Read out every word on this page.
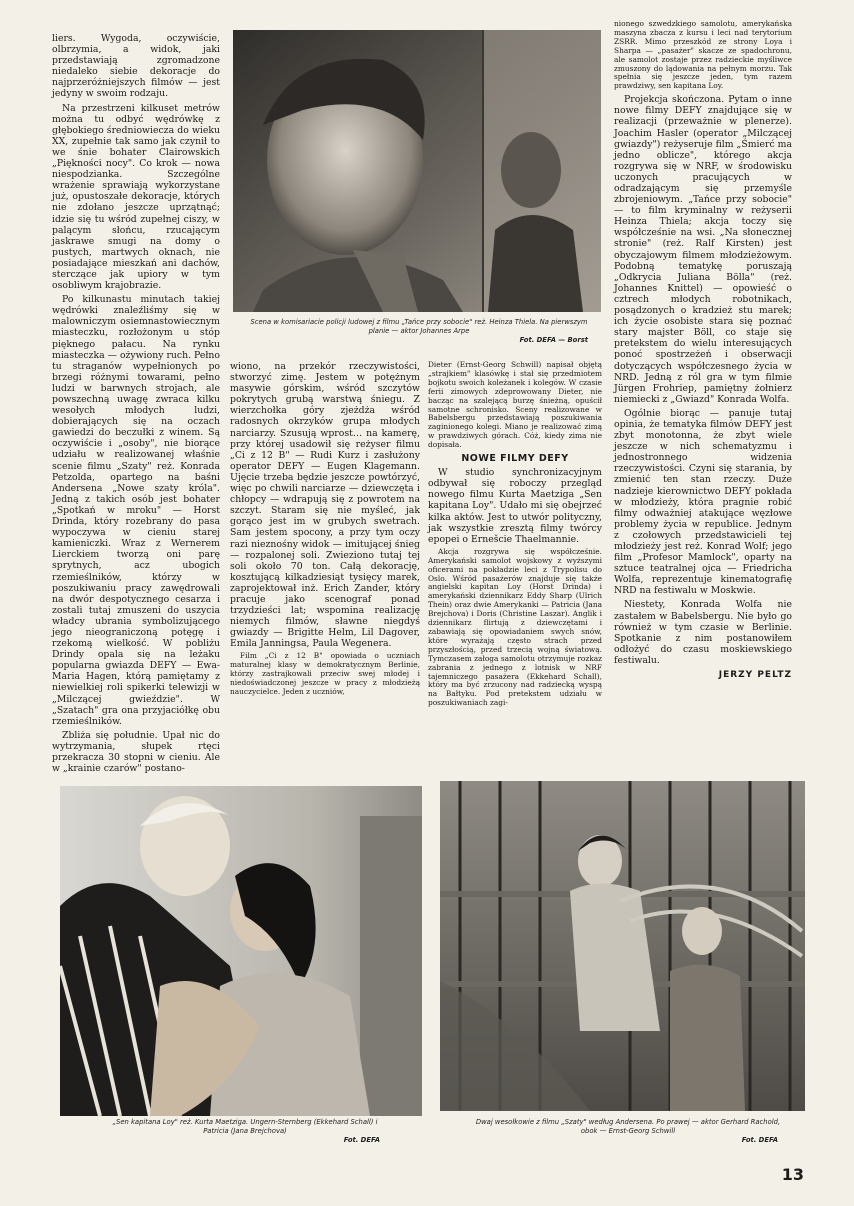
liers. Wygoda, oczywiście, olbrzymia, a widok, jaki przedstawiają zgromadzone niedaleko siebie dekoracje do najprzeróżniejszych filmów — jest jedyny w swoim rodzaju.

Na przestrzeni kilkuset metrów można tu odbyć wędrówkę z głębokiego średniowiecza do wieku XX, zupełnie tak samo jak czynił to we śnie bohater Clairowskich „Piękności nocy". Co krok — nowa niespodzianka. Szczególne wrażenie sprawiają wykorzystane już, opustoszałe dekoracje, których nie zdołano jeszcze uprzątnąć; idzie się tu wśród zupełnej ciszy, w palącym słońcu, rzucającym jaskrawe smugi na domy o pustych, martwych oknach, nie posiadające mieszkań ani dachów, sterczące jak upiory w tym osobliwym krajobrazie.

Po kilkunastu minutach takiej wędrówki znaleźliśmy się w malowniczym osiemnastowiecznym miasteczku, rozłożonym u stóp pięknego pałacu. Na rynku miasteczka — ożywiony ruch. Pełno tu straganów wypełnionych po brzegi różnymi towarami, pełno ludzi w barwnych strojach, ale powszechną uwagę zwraca kilku wesołych młodych ludzi, dobierających się na oczach gawiedzi do beczułki z winem. Są oczywiście i „osoby", nie biorące udziału w realizowanej właśnie scenie filmu „Szaty" reż. Konrada Petzolda, opartego na baśni Andersena „Nowe szaty króla". Jedną z takich osób jest bohater „Spotkań w mroku" — Horst Drinda, który rozebrany do pasa wypoczywa w cieniu starej kamieniczki. Wraz z Wernerem Lierckiem tworzą oni parę sprytnych, acz ubogich rzemieślników, którzy w poszukiwaniu pracy zawędrowali na dwór despotycznego cesarza i zostali tutaj zmuszeni do uszycia władcy ubrania symbolizującego jego nieograniczoną potęgę i rzekomą wielkość. W pobliżu Drindy opala się na leżaku popularna gwiazda DEFY — Ewa-Maria Hagen, którą pamiętamy z niewielkiej roli spikerki telewizji w „Milczącej gwieździe". W „Szatach" gra ona przyjaciółkę obu rzemieślników.

Zbliża się południe. Upał nic do wytrzymania, słupek rtęci przekracza 30 stopni w cieniu. Ale w „krainie czarów" postano-

Scena w komisariacie policji ludowej z filmu „Tańce przy sobocie" reż. Heinza Thiela. Na pierwszym planie — aktor Johannes Arpe
Fot. DEFA — Borst

wiono, na przekór rzeczywistości, stworzyć zimę. Jestem w potężnym masywie górskim, wśród szczytów pokrytych grubą warstwą śniegu. Z wierzchołka góry zjeżdża wśród radosnych okrzyków grupa młodych narciarzy. Szusują wprost… na kamerę, przy której usadowił się reżyser filmu „Ci z 12 B" — Rudi Kurz i zasłużony operator DEFY — Eugen Klagemann. Ujęcie trzeba będzie jeszcze powtórzyć, więc po chwili narciarze — dziewczęta i chłopcy — wdrapują się z powrotem na szczyt. Staram się nie myśleć, jak gorąco jest im w grubych swetrach. Sam jestem spocony, a przy tym oczy razi nieznośny widok — imitującej śnieg — rozpalonej soli. Zwieziono tutaj tej soli około 70 ton. Całą dekorację, kosztującą kilkadziesiąt tysięcy marek, zaprojektował inż. Erich Zander, który pracuje jako scenograf ponad trzydzieści lat; wspomina realizację niemych filmów, sławne niegdyś gwiazdy — Brigitte Helm, Lil Dagover, Emila Janningsa, Paula Wegenera.

Film „Ci z 12 B" opowiada o uczniach maturalnej klasy w demokratycznym Berlinie, którzy zastrajkowali przeciw swej młodej i niedoświadczonej jeszcze w pracy z młodzieżą nauczycielce. Jeden z uczniów,

Dieter (Ernst-Georg Schwill) napisał objętą „strajkiem" klasówkę i stał się przedmiotem bojkotu swoich koleżanek i kolegów. W czasie ferii zimowych zdeprowowany Dieter, nie bacząc na szalejącą burzę śnieżną, opuścił samotne schronisko. Sceny realizowane w Babelsbergu przedstawiają poszukiwania zaginionego kolegi. Miano je realizować zimą w prawdziwych górach. Cóż, kiedy zima nie dopisała.

NOWE FILMY DEFY

W studio synchronizacyjnym odbywał się roboczy przegląd nowego filmu Kurta Maetziga „Sen kapitana Loy". Udało mi się obejrzeć kilka aktów. Jest to utwór polityczny, jak wszystkie zresztą filmy twórcy epopei o Ernešcie Thaelmannie.

Akcja rozgrywa się współcześnie. Amerykański samolot wojskowy z wyższymi oficerami na pokładzie leci z Trypolisu do Oslo. Wśród pasażerów znajduje się także angielski kapitan Loy (Horst Drinda) i amerykański dziennikarz Eddy Sharp (Ulrich Thein) oraz dwie Amerykanki — Patricia (Jana Brejchova) i Doris (Christine Laszar). Anglik i dziennikarz flirtują z dziewczętami i zabawiają się opowiadaniem swych snów, które wyrażają często strach przed przyszłością, przed trzecią wojną światową. Tymczasem załoga samolotu otrzymuje rozkaz zabrania z jednego z lotnisk w NRF tajemniczego pasażera (Ekkehard Schall), który ma być zrzucony nad radziecką wyspą na Bałtyku. Pod pretekstem udziału w poszukiwaniach zagi-

nionego szwedzkiego samolotu, amerykańska maszyna zbacza z kursu i leci nad terytorium ZSRR. Mimo przeszkód ze strony Loya i Sharpa — „pasażer" skacze ze spadochronu, ale samolot zostaje przez radzieckie myśliwce zmuszony do lądowania na pełnym morzu. Tak spełnia się jeszcze jeden, tym razem prawdziwy, sen kapitana Loy.

Projekcja skończona. Pytam o inne nowe filmy DEFY znajdujące się w realizacji (przeważnie w plenerze). Joachim Hasler (operator „Milczącej gwiazdy") reżyseruje film „Śmierć ma jedno oblicze", którego akcja rozgrywa się w NRF, w środowisku uczonych pracujących w odradzającym się przemyśle zbrojeniowym. „Tańce przy sobocie" — to film kryminalny w reżyserii Heinza Thiela; akcja toczy się współcześnie na wsi. „Na słonecznej stronie" (reż. Ralf Kirsten) jest obyczajowym filmem młodzieżowym. Podobną tematykę poruszają „Odkrycia Juliana Bölla" (reż. Johannes Knittel) — opowieść o cztrech młodych robotnikach, posądzonych o kradzież stu marek; ich życie osobiste stara się poznać stary majster Böll, co staje się pretekstem do wielu interesujących ponoć spostrzeżeń i obserwacji dotyczących współczesnego życia w NRD. Jedną z ról gra w tym filmie Jürgen Frohriep, pamiętny żołnierz niemiecki z „Gwiazd" Konrada Wolfa.

Ogólnie biorąc — panuje tutaj opinia, że tematyka filmów DEFY jest zbyt monotonna, że zbyt wiele jeszcze w nich schematyzmu i jednostronnego widzenia rzeczywistości. Czyni się starania, by zmienić ten stan rzeczy. Duże nadzieje kierownictwo DEFY pokłada w młodzieży, która pragnie robić filmy odważniej atakujące węzłowe problemy życia w republice. Jednym z czołowych przedstawicieli tej młodzieży jest reż. Konrad Wolf; jego film „Profesor Mamlock", oparty na sztuce teatralnej ojca — Friedricha Wolfa, reprezentuje kinematografię NRD na festiwalu w Moskwie.

Niestety, Konrada Wolfa nie zastałem w Babelsbergu. Nie było go również w tym czasie w Berlinie. Spotkanie z nim postanowiłem odłożyć do czasu moskiewskiego festiwalu.

JERZY PELTZ
„Sen kapitana Loy" reż. Kurta Maetziga. Ungern-Sternberg (Ekkehard Schall) i Patricia (Jana Brejchova)
Fot. DEFA
Dwaj wesołkowie z filmu „Szaty" według Andersena. Po prawej — aktor Gerhard Rachold, obok — Ernst-Georg Schwill
Fot. DEFA
13
